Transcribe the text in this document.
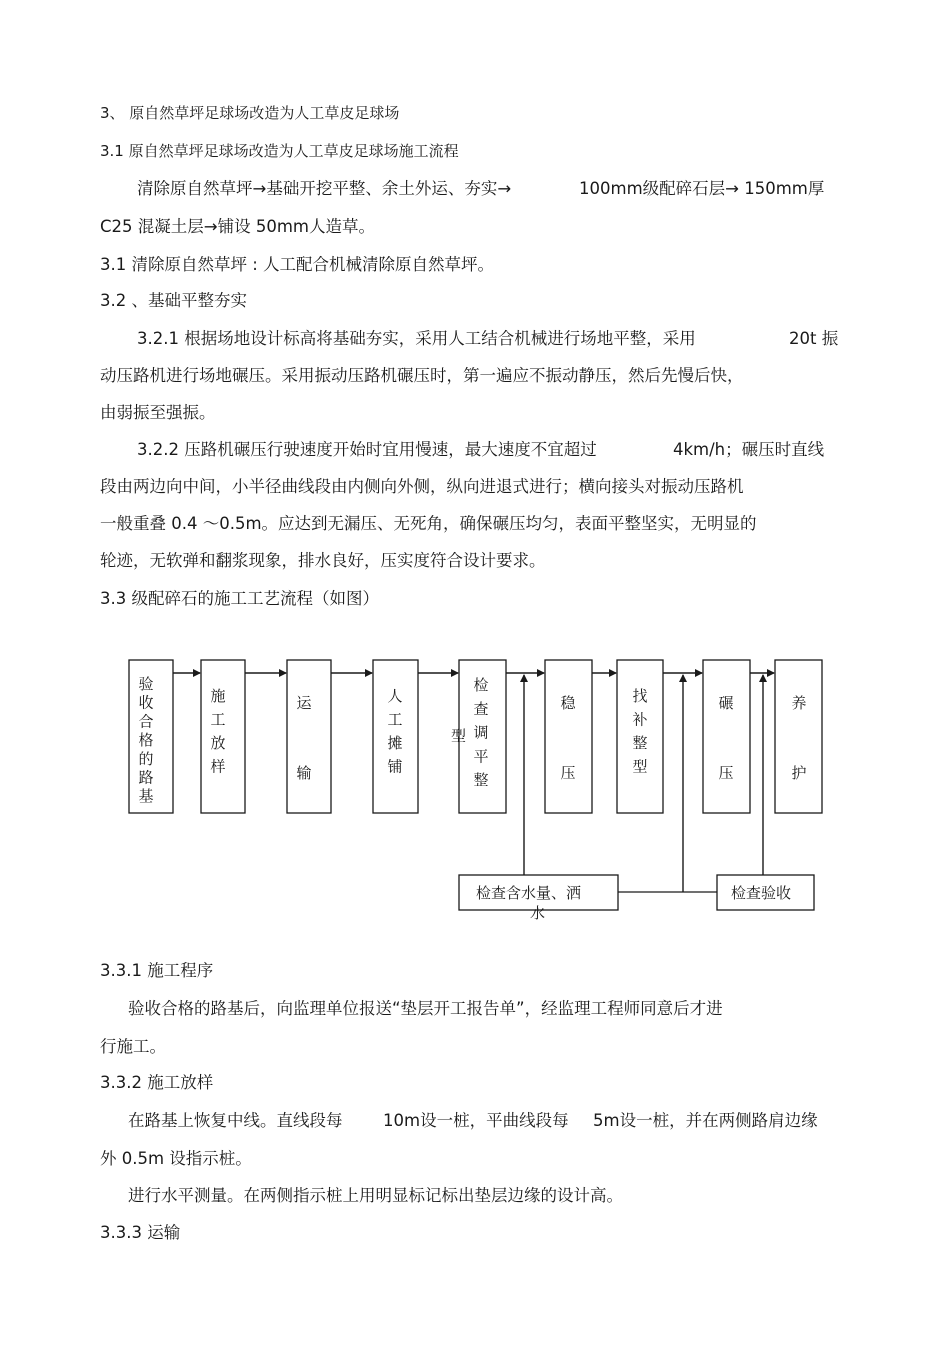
3、 原自然草坪足球场改造为人工草皮足球场
3.1 原自然草坪足球场改造为人工草皮足球场施工流程
清除原自然草坪→基础开挖平整、余土外运、夯实→	100mm级配碎石层→ 150mm厚
C25 混凝土层→铺设 50mm人造草。
3.1 清除原自然草坪 : 人工配合机械清除原自然草坪。
3.2 、基础平整夯实
3.2.1 根据场地设计标高将基础夯实，采用人工结合机械进行场地平整，采用	20t 振
动压路机进行场地碾压。采用振动压路机碾压时，第一遍应不振动静压，然后先慢后快，
由弱振至强振。
3.2.2 压路机碾压行驶速度开始时宜用慢速，最大速度不宜超过	4km/h；碾压时直线
段由两边向中间，小半径曲线段由内侧向外侧，纵向进退式进行；横向接头对振动压路机
一般重叠 0.4 ～0.5m。应达到无漏压、无死角，确保碾压均匀，表面平整坚实，无明显的
轮迹，无软弹和翻浆现象，排水良好，压实度符合设计要求。
3.3 级配碎石的施工工艺流程（如图）
3.3.1 施工程序
验收合格的路基后，向监理单位报送“垫层开工报告单”，经监理工程师同意后才进
行施工。
3.3.2 施工放样
在路基上恢复中线。直线段每 10m设一桩，平曲线段每 5m设一桩，并在两侧路肩边缘
外 0.5m 设指示桩。
进行水平测量。在两侧指示桩上用明显标记标出垫层边缘的设计高。
3.3.3 运输
验
收
合
格
的
路
基
施
工
放
样
运
输
人
工
摊
铺
检
查
调
平
整
稳
压
找
补
整
型
碾
压
养
护
型
检查含水量、洒
水
检查验收
